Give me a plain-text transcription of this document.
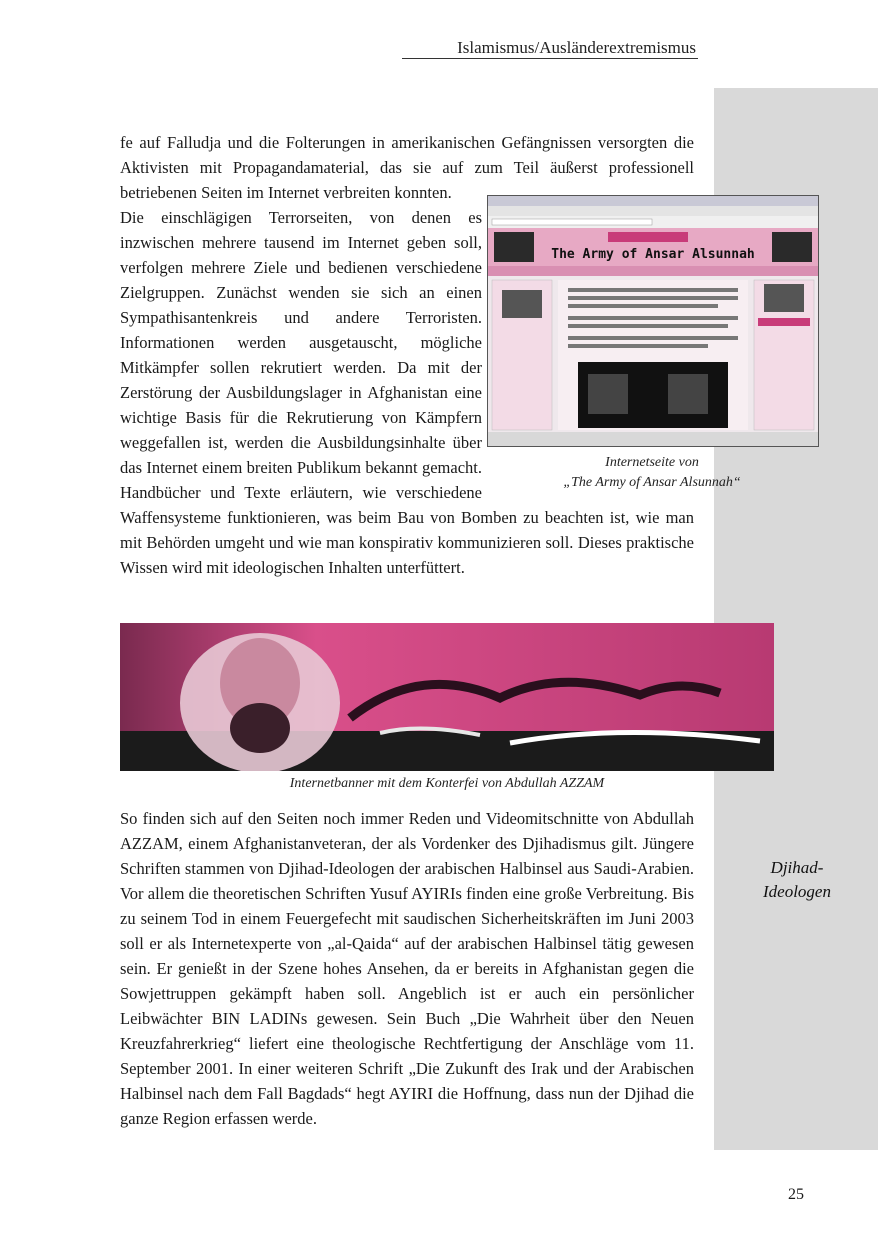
Islamismus/Ausländerextremismus
Djihad-
Ideologen
fe auf Falludja und die Folterungen in amerikanischen Gefängnissen versorgten die Aktivisten mit Propagandamaterial, das sie auf zum Teil äußerst professionell betriebenen Seiten im Internet verbreiten konnten.
Die einschlägigen Terrorseiten, von denen es inzwischen mehrere tausend im Internet geben soll, verfolgen mehrere Ziele und bedienen verschiedene Zielgruppen. Zunächst wenden sie sich an einen Sympathisantenkreis und andere Terroristen. Informationen werden ausgetauscht, mögliche Mitkämpfer sollen rekrutiert werden. Da mit der Zerstörung der Ausbildungslager in Afghanistan eine wichtige Basis für die Rekrutierung von Kämpfern weggefallen ist, werden die Ausbildungsinhalte über das Internet einem breiten Publikum bekannt gemacht. Handbücher und Texte erläutern, wie verschiedene Waffensysteme funktionieren, was beim Bau von Bomben zu beachten ist, wie man mit Behörden umgeht und wie man konspirativ kommunizieren soll. Dieses praktische Wissen wird mit ideologischen Inhalten unterfüttert.
The Army of Ansar Alsunnah
Internetseite von
„The Army of Ansar Alsunnah“
Internetbanner mit dem Konterfei von Abdullah AZZAM
So finden sich auf den Seiten noch immer Reden und Videomitschnitte von Abdullah AZZAM, einem Afghanistanveteran, der als Vordenker des Djihadismus gilt. Jüngere Schriften stammen von Djihad-Ideologen der arabischen Halbinsel aus Saudi-Arabien. Vor allem die theoretischen Schriften Yusuf AYIRIs finden eine große Verbreitung. Bis zu seinem Tod in einem Feuergefecht mit saudischen Sicherheitskräften im Juni 2003 soll er als Internetexperte von „al-Qaida“ auf der arabischen Halbinsel tätig gewesen sein. Er genießt in der Szene hohes Ansehen, da er bereits in Afghanistan gegen die Sowjettruppen gekämpft haben soll. Angeblich ist er auch ein persönlicher Leibwächter BIN LADINs gewesen. Sein Buch „Die Wahrheit über den Neuen Kreuzfahrerkrieg“ liefert eine theologische Rechtfertigung der Anschläge vom 11. September 2001. In einer weiteren Schrift „Die Zukunft des Irak und der Arabischen Halbinsel nach dem Fall Bagdads“ hegt AYIRI die Hoffnung, dass nun der Djihad die ganze Region erfassen werde.
25
